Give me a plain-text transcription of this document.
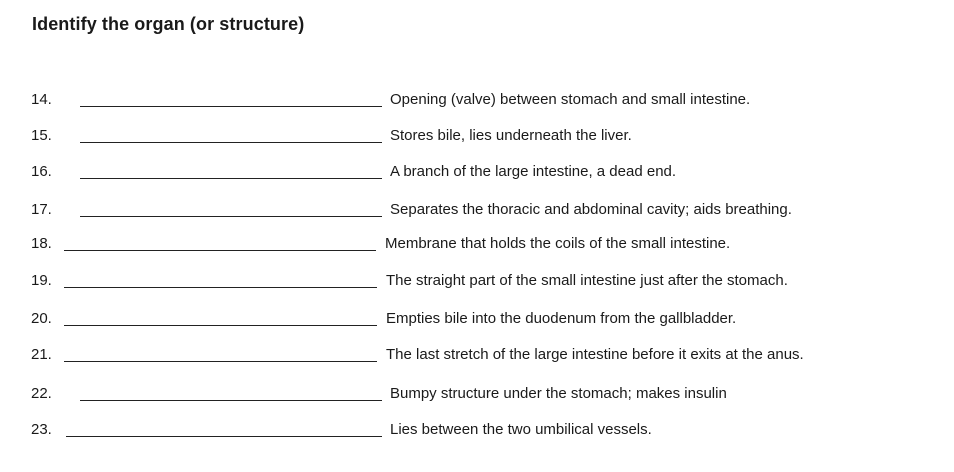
Identify the organ (or structure)
14.	Opening (valve) between stomach and small intestine.
15.	Stores bile, lies underneath the liver.
16.	A branch of the large intestine, a dead end.
17.	Separates the thoracic and abdominal cavity; aids breathing.
18.	Membrane that holds the coils of the small intestine.
19.	The straight part of the small intestine just after the stomach.
20.	Empties bile into the duodenum from the gallbladder.
21.	The last stretch of the large intestine before it exits at the anus.
22.	Bumpy structure under the stomach; makes insulin
23.	Lies between the two umbilical vessels.
